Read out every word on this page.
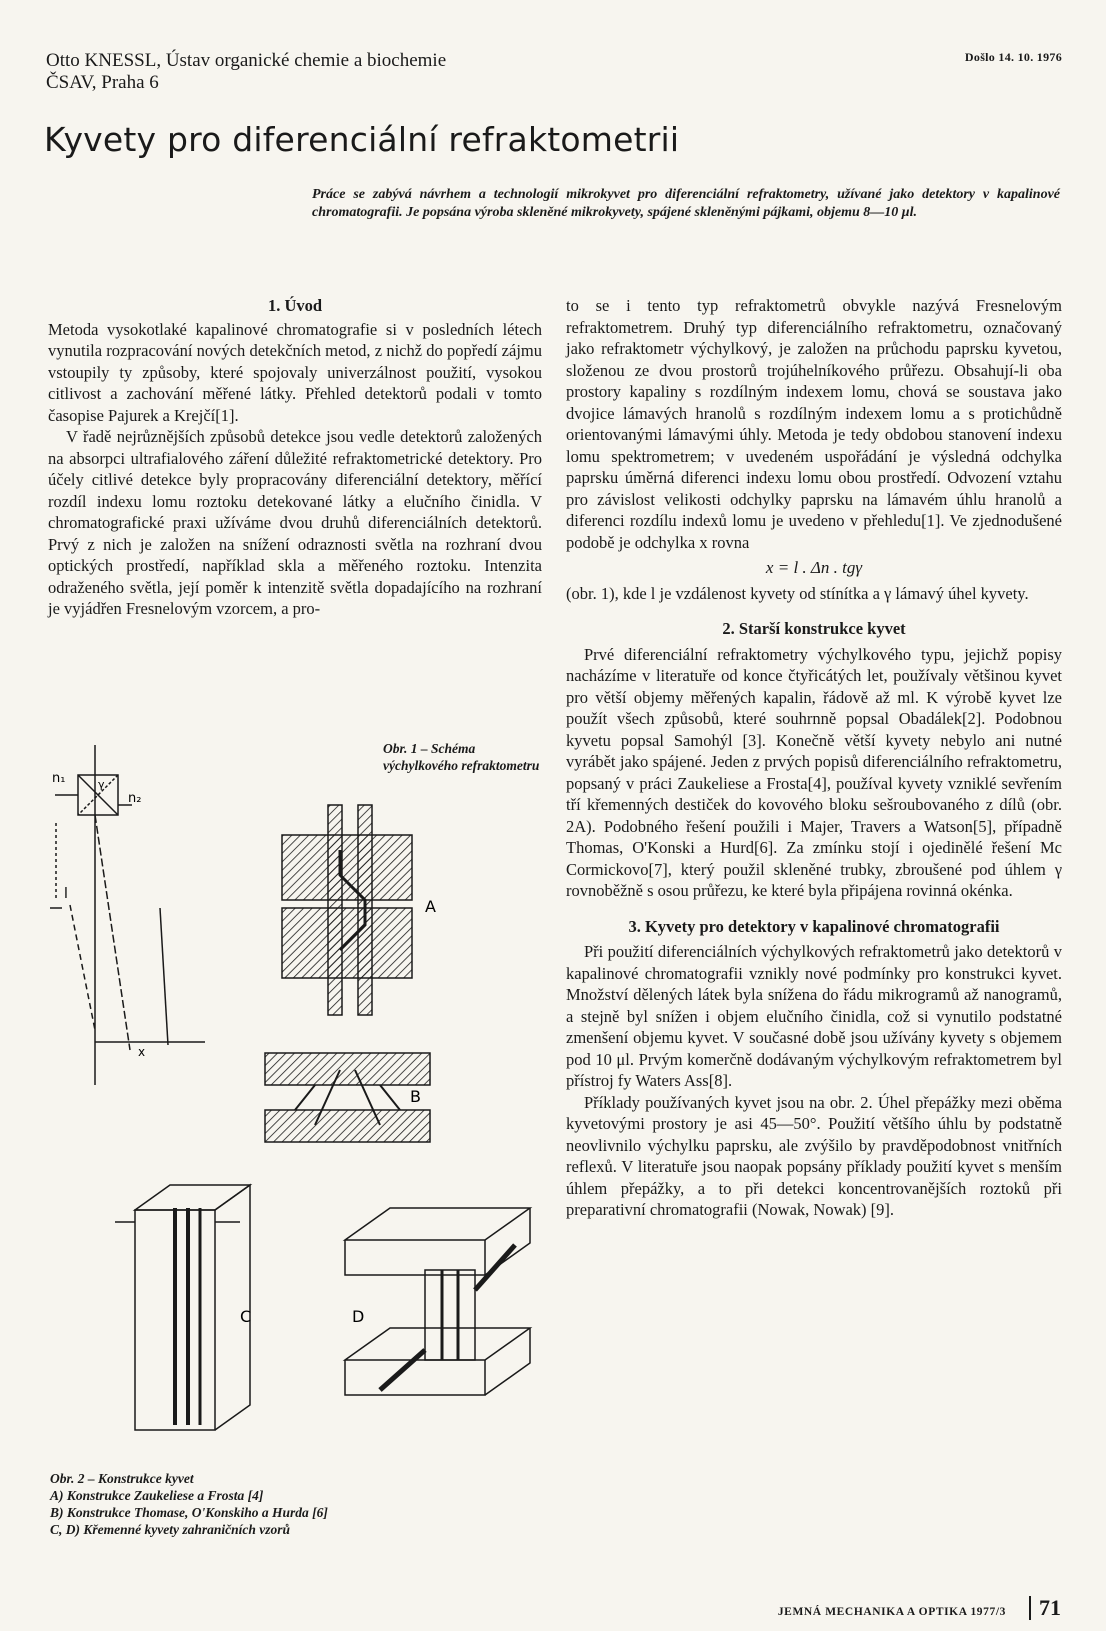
Otto KNESSL, Ústav organické chemie a biochemie
ČSAV, Praha 6
Došlo 14. 10. 1976
Kyvety pro diferenciální refraktometrii
Práce se zabývá návrhem a technologií mikrokyvet pro diferenciální refraktometry, užívané jako detektory v kapalinové chromatografii. Je popsána výroba skleněné mikrokyvety, spájené skleněnými pájkami, objemu 8—10 μl.
1. Úvod

Metoda vysokotlaké kapalinové chromatografie si v posledních létech vynutila rozpracování nových detekčních metod, z nichž do popředí zájmu vstoupily ty způsoby, které spojovaly univerzálnost použití, vysokou citlivost a zachování měřené látky. Přehled detektorů podali v tomto časopise Pajurek a Krejčí[1].

V řadě nejrůznějších způsobů detekce jsou vedle detektorů založených na absorpci ultrafialového záření důležité refraktometrické detektory. Pro účely citlivé detekce byly propracovány diferenciální detektory, měřící rozdíl indexu lomu roztoku detekované látky a elučního činidla. V chromatografické praxi užíváme dvou druhů diferenciálních detektorů. Prvý z nich je založen na snížení odraznosti světla na rozhraní dvou optických prostředí, například skla a měřeného roztoku. Intenzita odraženého světla, její poměr k intenzitě světla dopadajícího na rozhraní je vyjádřen Fresnelovým vzorcem, a pro-

to se i tento typ refraktometrů obvykle nazývá Fresnelovým refraktometrem. Druhý typ diferenciálního refraktometru, označovaný jako refraktometr výchylkový, je založen na průchodu paprsku kyvetou, složenou ze dvou prostorů trojúhelníkového průřezu. Obsahují-li oba prostory kapaliny s rozdílným indexem lomu, chová se soustava jako dvojice lámavých hranolů s rozdílným indexem lomu a s protichůdně orientovanými lámavými úhly. Metoda je tedy obdobou stanovení indexu lomu spektrometrem; v uvedeném uspořádání je výsledná odchylka paprsku úměrná diferenci indexu lomu obou prostředí. Odvození vztahu pro závislost velikosti odchylky paprsku na lámavém úhlu hranolů a diferenci rozdílu indexů lomu je uvedeno v přehledu[1]. Ve zjednodušené podobě je odchylka x rovna

x = l . Δn . tgγ

(obr. 1), kde l je vzdálenost kyvety od stínítka a γ lámavý úhel kyvety.

2. Starší konstrukce kyvet

Prvé diferenciální refraktometry výchylkového typu, jejichž popisy nacházíme v literatuře od konce čtyřicátých let, používaly většinou kyvet pro větší objemy měřených kapalin, řádově až ml. K výrobě kyvet lze použít všech způsobů, které souhrnně popsal Obadálek[2]. Podobnou kyvetu popsal Samohýl [3]. Konečně větší kyvety nebylo ani nutné vyrábět jako spájené. Jeden z prvých popisů diferenciálního refraktometru, popsaný v práci Zaukeliese a Frosta[4], používal kyvety vzniklé sevřením tří křemenných destiček do kovového bloku sešroubovaného z dílů (obr. 2A). Podobného řešení použili i Majer, Travers a Watson[5], případně Thomas, O'Konski a Hurd[6]. Za zmínku stojí i ojedinělé řešení Mc Cormickovo[7], který použil skleněné trubky, zbroušené pod úhlem γ rovnoběžně s osou průřezu, ke které byla připájena rovinná okénka.

3. Kyvety pro detektory v kapalinové chromatografii

Při použití diferenciálních výchylkových refraktometrů jako detektorů v kapalinové chromatografii vznikly nové podmínky pro konstrukci kyvet. Množství dělených látek byla snížena do řádu mikrogramů až nanogramů, a stejně byl snížen i objem elučního činidla, což si vynutilo podstatné zmenšení objemu kyvet. V současné době jsou užívány kyvety s objemem pod 10 μl. Prvým komerčně dodávaným výchylkovým refraktometrem byl přístroj fy Waters Ass[8].

Příklady používaných kyvet jsou na obr. 2. Úhel přepážky mezi oběma kyvetovými prostory je asi 45—50°. Použití většího úhlu by podstatně neovlivnilo výchylku paprsku, ale zvýšilo by pravděpodobnost vnitřních reflexů. V literatuře jsou naopak popsány příklady použití kyvet s menším úhlem přepážky, a to při detekci koncentrovanějších roztoků při preparativní chromatografii (Nowak, Nowak) [9].

Obr. 1 – Schéma výchylkového refraktometru
n₁
n₂
γ
l
x
A
B
C	D
Obr. 2 – Konstrukce kyvet
A) Konstrukce Zaukeliese a Frosta [4]
B) Konstrukce Thomase, O'Konskiho a Hurda [6]
C, D) Křemenné kyvety zahraničních vzorů
JEMNÁ MECHANIKA A OPTIKA 1977/3	71
